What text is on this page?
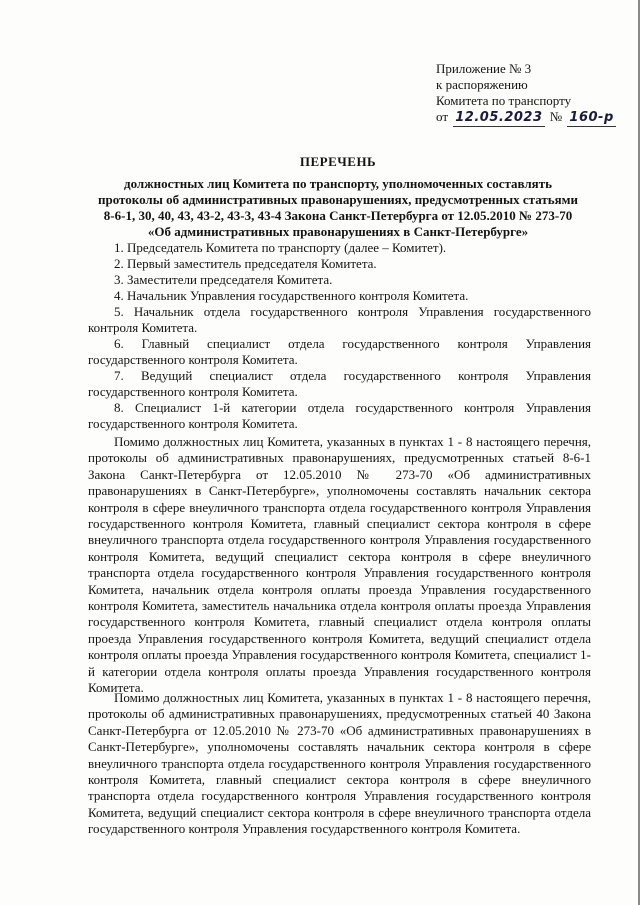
Приложение № 3
к распоряжению
Комитета по транспорту
от 12.05.2023 № 160-р
ПЕРЕЧЕНЬ
должностных лиц Комитета по транспорту, уполномоченных составлять
протоколы об административных правонарушениях, предусмотренных статьями
8-6-1, 30, 40, 43, 43-2, 43-3, 43-4 Закона Санкт-Петербурга от 12.05.2010 № 273-70
«Об административных правонарушениях в Санкт-Петербурге»

1. Председатель Комитета по транспорту (далее – Комитет).

2. Первый заместитель председателя Комитета.

3. Заместители председателя Комитета.

4. Начальник Управления государственного контроля Комитета.

5. Начальник отдела государственного контроля Управления государственного контроля Комитета.

6. Главный специалист отдела государственного контроля Управления государственного контроля Комитета.

7. Ведущий специалист отдела государственного контроля Управления государственного контроля Комитета.

8. Специалист 1-й категории отдела государственного контроля Управления государственного контроля Комитета.

Помимо должностных лиц Комитета, указанных в пунктах 1 - 8 настоящего перечня, протоколы об административных правонарушениях, предусмотренных статьей 8-6-1 Закона Санкт-Петербурга от 12.05.2010 № 273-70 «Об административных правонарушениях в Санкт-Петербурге», уполномочены составлять начальник сектора контроля в сфере внеуличного транспорта отдела государственного контроля Управления государственного контроля Комитета, главный специалист сектора контроля в сфере внеуличного транспорта отдела государственного контроля Управления государственного контроля Комитета, ведущий специалист сектора контроля в сфере внеуличного транспорта отдела государственного контроля Управления государственного контроля Комитета, начальник отдела контроля оплаты проезда Управления государственного контроля Комитета, заместитель начальника отдела контроля оплаты проезда Управления государственного контроля Комитета, главный специалист отдела контроля оплаты проезда Управления государственного контроля Комитета, ведущий специалист отдела контроля оплаты проезда Управления государственного контроля Комитета, специалист 1-й категории отдела контроля оплаты проезда Управления государственного контроля Комитета.

Помимо должностных лиц Комитета, указанных в пунктах 1 - 8 настоящего перечня, протоколы об административных правонарушениях, предусмотренных статьей 40 Закона Санкт-Петербурга от 12.05.2010 № 273-70 «Об административных правонарушениях в Санкт-Петербурге», уполномочены составлять начальник сектора контроля в сфере внеуличного транспорта отдела государственного контроля Управления государственного контроля Комитета, главный специалист сектора контроля в сфере внеуличного транспорта отдела государственного контроля Управления государственного контроля Комитета, ведущий специалист сектора контроля в сфере внеуличного транспорта отдела государственного контроля Управления государственного контроля Комитета.
